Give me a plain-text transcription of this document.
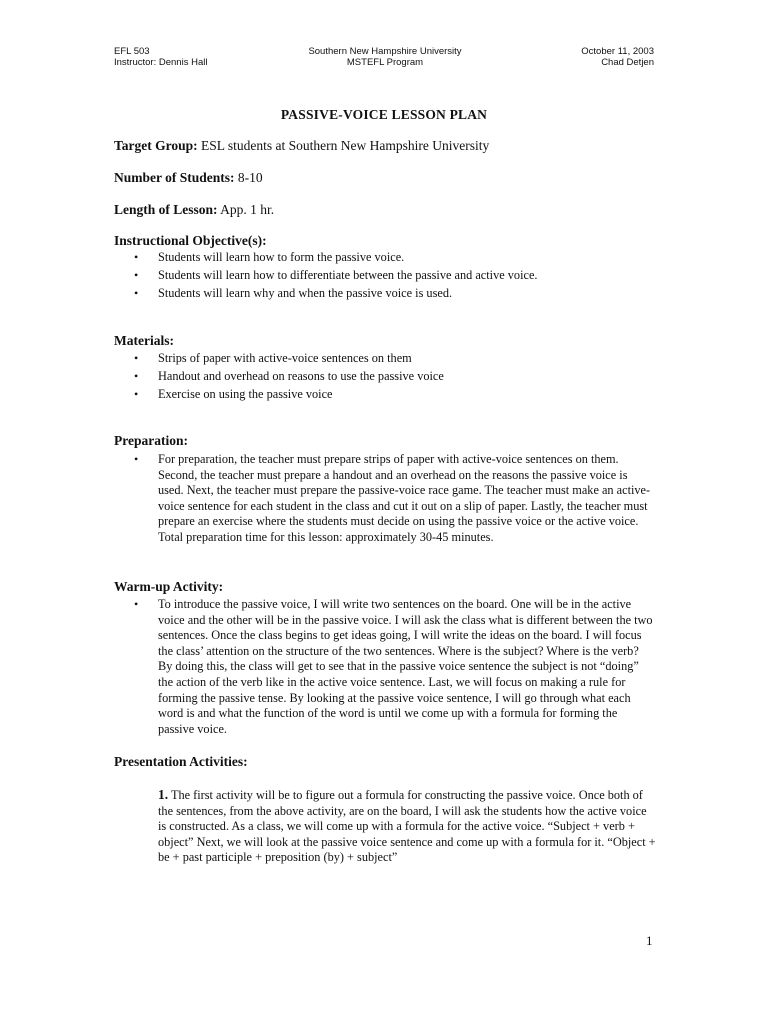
EFL 503
Instructor: Dennis Hall
Southern New Hampshire University
MSTEFL Program
October 11, 2003
Chad Detjen
PASSIVE-VOICE LESSON PLAN
Target Group: ESL students at Southern New Hampshire University
Number of Students: 8-10
Length of Lesson: App. 1 hr.
Instructional Objective(s):
• Students will learn how to form the passive voice.
• Students will learn how to differentiate between the passive and active voice.
• Students will learn why and when the passive voice is used.
Materials:
• Strips of paper with active-voice sentences on them
• Handout and overhead on reasons to use the passive voice
• Exercise on using the passive voice
Preparation:
• For preparation, the teacher must prepare strips of paper with active-voice sentences on them. Second, the teacher must prepare a handout and an overhead on the reasons the passive voice is used. Next, the teacher must prepare the passive-voice race game. The teacher must make an active-voice sentence for each student in the class and cut it out on a slip of paper. Lastly, the teacher must prepare an exercise where the students must decide on using the passive voice or the active voice. Total preparation time for this lesson: approximately 30-45 minutes.
Warm-up Activity:
• To introduce the passive voice, I will write two sentences on the board. One will be in the active voice and the other will be in the passive voice. I will ask the class what is different between the two sentences. Once the class begins to get ideas going, I will write the ideas on the board. I will focus the class’ attention on the structure of the two sentences. Where is the subject? Where is the verb? By doing this, the class will get to see that in the passive voice sentence the subject is not “doing” the action of the verb like in the active voice sentence. Last, we will focus on making a rule for forming the passive tense. By looking at the passive voice sentence, I will go through what each word is and what the function of the word is until we come up with a formula for forming the passive voice.
Presentation Activities:
1. The first activity will be to figure out a formula for constructing the passive voice. Once both of the sentences, from the above activity, are on the board, I will ask the students how the active voice is constructed. As a class, we will come up with a formula for the active voice. “Subject + verb + object” Next, we will look at the passive voice sentence and come up with a formula for it. “Object + be + past participle + preposition (by) + subject”
1
